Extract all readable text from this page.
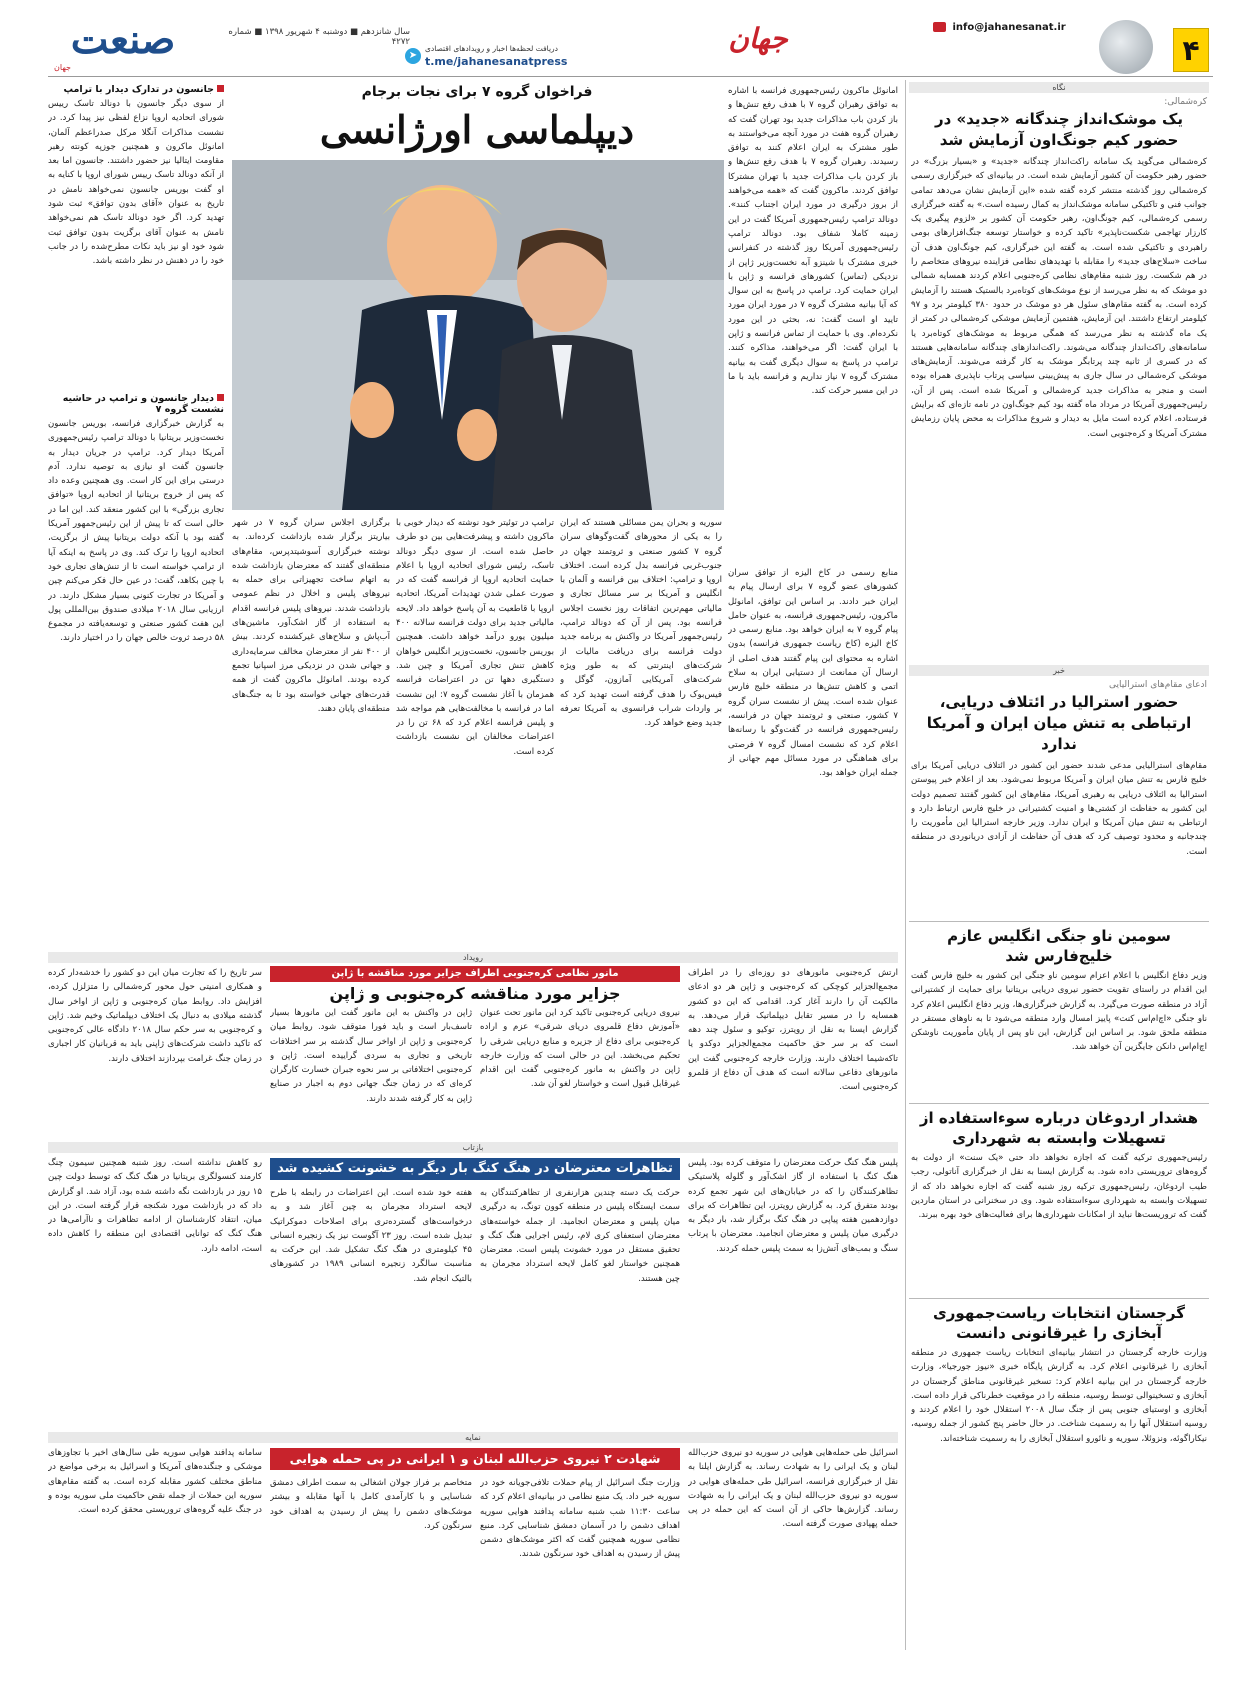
۴
info@jahanesanat.ir
جهان
➤
دریافت لحظه‌ها اخبار و رویدادهای اقتصادی
t.me/jahanesanatpress
سال شانزدهم ■ دوشنبه ۴ شهریور ۱۳۹۸ ■ شماره ۴۲۷۲
صنعت
جهان
نگاه
کره‌شمالی:
یک موشک‌انداز چندگانه «جدید» در حضور کیم جونگ‌اون آزمایش شد
کره‌شمالی می‌گوید یک سامانه راکت‌انداز چندگانه «جدید» و «بسیار بزرگ» در حضور رهبر حکومت آن کشور آزمایش شده است. در بیانیه‌ای که خبرگزاری رسمی کره‌شمالی روز گذشته منتشر کرده گفته شده «این آزمایش نشان می‌دهد تمامی جوانب فنی و تاکتیکی سامانه موشک‌انداز به کمال رسیده است.» به گفته خبرگزاری رسمی کره‌شمالی، کیم جونگ‌اون، رهبر حکومت آن کشور بر «لزوم پیگیری یک کارزار تهاجمی شکست‌ناپذیر» تاکید کرده و خواستار توسعه جنگ‌افزارهای بومی راهبردی و تاکتیکی شده است. به گفته این خبرگزاری، کیم جونگ‌اون هدف آن ساخت «سلاح‌های جدید» را مقابله با تهدیدهای نظامی فزاینده نیروهای متخاصم را در هم شکست. روز شنبه مقام‌های نظامی کره‌جنوبی اعلام کردند همسایه شمالی دو موشک که به نظر می‌رسد از نوع موشک‌های کوتاه‌برد بالستیک هستند را آزمایش کرده است. به گفته مقام‌های سئول هر دو موشک در حدود ۳۸۰ کیلومتر برد و ۹۷ کیلومتر ارتفاع داشتند. این آزمایش، هفتمین آزمایش موشکی کره‌شمالی در کمتر از یک ماه گذشته به نظر می‌رسد که همگی مربوط به موشک‌های کوتاه‌برد یا سامانه‌های راکت‌انداز چندگانه می‌شوند. راکت‌اندازهای چندگانه سامانه‌هایی هستند که در کسری از ثانیه چند پرتابگر موشک به کار گرفته می‌شوند. آزمایش‌های موشکی کره‌شمالی در سال جاری به پیش‌بینی سیاسی پرتاب ناپذیری همراه بوده است و منجر به مذاکرات جدید کره‌شمالی و آمریکا شده است. پس از آن، رئیس‌جمهوری آمریکا در مرداد ماه گفته بود کیم جونگ‌اون در نامه تازه‌ای که برایش فرستاده، اعلام کرده است مایل به دیدار و شروع مذاکرات به محض پایان رزمایش مشترک آمریکا و کره‌جنوبی است.
خبر
ادعای مقام‌های استرالیایی
حضور استرالیا در ائتلاف دریایی، ارتباطی به تنش میان ایران و آمریکا ندارد
مقام‌های استرالیایی مدعی شدند حضور این کشور در ائتلاف دریایی آمریکا برای خلیج فارس به تنش میان ایران و آمریکا مربوط نمی‌شود. بعد از اعلام خبر پیوستن استرالیا به ائتلاف دریایی به رهبری آمریکا، مقام‌های این کشور گفتند تصمیم دولت این کشور به حفاظت از کشتی‌ها و امنیت کشتیرانی در خلیج فارس ارتباط دارد و ارتباطی به تنش میان آمریکا و ایران ندارد. وزیر خارجه استرالیا این مأموریت را چندجانبه و محدود توصیف کرد که هدف آن حفاظت از آزادی دریانوردی در منطقه است.
سومین ناو جنگی انگلیس عازم خلیج‌فارس شد
وزیر دفاع انگلیس با اعلام اعزام سومین ناو جنگی این کشور به خلیج فارس گفت این اقدام در راستای تقویت حضور نیروی دریایی بریتانیا برای حمایت از کشتیرانی آزاد در منطقه صورت می‌گیرد. به گزارش خبرگزاری‌ها، وزیر دفاع انگلیس اعلام کرد ناو جنگی «اچ‌ام‌اس کنت» پاییز امسال وارد منطقه می‌شود تا به ناوهای مستقر در منطقه ملحق شود. بر اساس این گزارش، این ناو پس از پایان مأموریت ناوشکن اچ‌ام‌اس دانکن جایگزین آن خواهد شد.
هشدار اردوغان درباره سوءاستفاده از تسهیلات وابسته به شهرداری
رئیس‌جمهوری ترکیه گفت که اجازه نخواهد داد حتی «یک سنت» از دولت به گروه‌های تروریستی داده شود. به گزارش ایسنا به نقل از خبرگزاری آناتولی، رجب طیب اردوغان، رئیس‌جمهوری ترکیه روز شنبه گفت که اجازه نخواهد داد که از تسهیلات وابسته به شهرداری سوءاستفاده شود. وی در سخنرانی در استان ماردین گفت که تروریست‌ها نباید از امکانات شهرداری‌ها برای فعالیت‌های خود بهره ببرند.
گرجستان انتخابات ریاست‌جمهوری آبخازی را غیرقانونی دانست
وزارت خارجه گرجستان در انتشار بیانیه‌ای انتخابات ریاست جمهوری در منطقه آبخازی را غیرقانونی اعلام کرد. به گزارش پایگاه خبری «نیوز جورجیا»، وزارت خارجه گرجستان در این بیانیه اعلام کرد: تسخیر غیرقانونی مناطق گرجستان در آبخازی و تسخینوالی توسط روسیه، منطقه را در موقعیت خطرناکی قرار داده است. آبخازی و اوستیای جنوبی پس از جنگ سال ۲۰۰۸ استقلال خود را اعلام کردند و روسیه استقلال آنها را به رسمیت شناخت. در حال حاضر پنج کشور از جمله روسیه، نیکاراگوئه، ونزوئلا، سوریه و نائورو استقلال آبخازی را به رسمیت شناخته‌اند.
امانوئل ماکرون رئیس‌جمهوری فرانسه با اشاره به توافق رهبران گروه ۷ با هدف رفع تنش‌ها و باز کردن باب مذاکرات جدید بود تهران گفت که رهبران گروه هفت در مورد آنچه می‌خواستند به طور مشترک به ایران اعلام کنند به توافق رسیدند. رهبران گروه ۷ با هدف رفع تنش‌ها و باز کردن باب مذاکرات جدید با تهران مشترکا توافق کردند. ماکرون گفت که «همه می‌خواهند از بروز درگیری در مورد ایران اجتناب کنند». دونالد ترامپ رئیس‌جمهوری آمریکا گفت در این زمینه کاملا شفاف بود. دونالد ترامپ رئیس‌جمهوری آمریکا روز گذشته در کنفرانس خبری مشترک با شینزو آبه نخست‌وزیر ژاپن از نزدیکی (تماس) کشورهای فرانسه و ژاپن با ایران حمایت کرد. ترامپ در پاسخ به این سوال که آیا بیانیه مشترک گروه ۷ در مورد ایران مورد تایید او است گفت: نه، بحثی در این مورد نکرده‌ام. وی با حمایت از تماس فرانسه و ژاپن با ایران گفت: اگر می‌خواهند، مذاکره کنند. ترامپ در پاسخ به سوال دیگری گفت به بیانیه مشترک گروه ۷ نیاز نداریم و فرانسه باید با ما در این مسیر حرکت کند.
فراخوان گروه ۷ برای نجات برجام
دیپلماسی اورژانسی
منابع رسمی در کاخ الیزه از توافق سران کشورهای عضو گروه ۷ برای ارسال پیام به ایران خبر دادند. بر اساس این توافق، امانوئل ماکرون، رئیس‌جمهوری فرانسه، به عنوان حامل پیام گروه ۷ به ایران خواهد بود. منابع رسمی در کاخ الیزه (کاخ ریاست جمهوری فرانسه) بدون اشاره به محتوای این پیام گفتند هدف اصلی از ارسال آن ممانعت از دستیابی ایران به سلاح اتمی و کاهش تنش‌ها در منطقه خلیج فارس عنوان شده است. پیش از نشست سران گروه ۷ کشور، صنعتی و ثروتمند جهان در فرانسه، رئیس‌جمهوری فرانسه در گفت‌وگو با رسانه‌ها اعلام کرد که نشست امسال گروه ۷ فرصتی برای هماهنگی در مورد مسائل مهم جهانی از جمله ایران خواهد بود.
سوریه و بحران یمن مسائلی هستند که ایران را به یکی از محورهای گفت‌وگوهای سران گروه ۷ کشور صنعتی و ثروتمند جهان در جنوب‌غربی فرانسه بدل کرده است. اختلاف اروپا و ترامپ: اختلاف بین فرانسه و آلمان با انگلیس و آمریکا بر سر مسائل تجاری و مالیاتی مهم‌ترین اتفاقات روز نخست اجلاس فرانسه بود. پس از آن که دونالد ترامپ، رئیس‌جمهور آمریکا در واکنش به برنامه جدید دولت فرانسه برای دریافت مالیات از شرکت‌های اینترنتی که به طور ویژه شرکت‌های آمریکایی آمازون، گوگل و فیس‌بوک را هدف گرفته است تهدید کرد که بر واردات شراب فرانسوی به آمریکا تعرفه جدید وضع خواهد کرد.
ترامپ در توئیتر خود نوشته که دیدار خوبی با ماکرون داشته و پیشرفت‌هایی بین دو طرف حاصل شده است. از سوی دیگر دونالد تاسک، رئیس شورای اتحادیه اروپا با اعلام حمایت اتحادیه اروپا از فرانسه گفت که در صورت عملی شدن تهدیدات آمریکا، اتحادیه اروپا با قاطعیت به آن پاسخ خواهد داد. لایحه مالیاتی جدید برای دولت فرانسه سالانه ۴۰۰ میلیون یورو درآمد خواهد داشت. همچنین بوریس جانسون، نخست‌وزیر انگلیس خواهان کاهش تنش تجاری آمریکا و چین شد. دستگیری دهها تن در اعتراضات فرانسه همزمان با آغاز نشست گروه ۷: این نشست اما در فرانسه با مخالفت‌هایی هم مواجه شد و پلیس فرانسه اعلام کرد که ۶۸ تن را در اعتراضات مخالفان این نشست بازداشت کرده است.
برگزاری اجلاس سران گروه ۷ در شهر بیاریتز برگزار شده بازداشت کرده‌اند. به نوشته خبرگزاری آسوشیتدپرس، مقام‌های منطقه‌ای گفتند که معترضان بازداشت شده به اتهام ساخت تجهیزاتی برای حمله به نیروهای پلیس و اخلال در نظم عمومی بازداشت شدند. نیروهای پلیس فرانسه اقدام به استفاده از گاز اشک‌آور، ماشین‌های آب‌پاش و سلاح‌های غیرکشنده کردند. بیش از ۴۰۰ نفر از معترضان مخالف سرمایه‌داری و جهانی شدن در نزدیکی مرز اسپانیا تجمع کرده بودند. امانوئل ماکرون گفت از همه قدرت‌های جهانی خواسته بود تا به جنگ‌های منطقه‌ای پایان دهند.
جانسون در تدارک دیدار با ترامپ
از سوی دیگر جانسون با دونالد تاسک رییس شورای اتحادیه اروپا نزاع لفظی نیز پیدا کرد. در نشست مذاکرات آنگلا مرکل صدراعظم آلمان، امانوئل ماکرون و همچنین جوزپه کونته رهبر مقاومت ایتالیا نیز حضور داشتند. جانسون اما بعد از آنکه دونالد تاسک رییس شورای اروپا با کنایه به او گفت بوریس جانسون نمی‌خواهد نامش در تاریخ به عنوان «آقای بدون توافق» ثبت شود تهدید کرد. اگر خود دونالد تاسک هم نمی‌خواهد نامش به عنوان آقای برگزیت بدون توافق ثبت شود خود او نیز باید نکات مطرح‌شده را در جانب خود را در ذهنش در نظر داشته باشد.
دیدار جانسون و ترامپ در حاشیه نشست گروه ۷
به گزارش خبرگزاری فرانسه، بوریس جانسون نخست‌وزیر بریتانیا با دونالد ترامپ رئیس‌جمهوری آمریکا دیدار کرد. ترامپ در جریان دیدار به جانسون گفت او نیازی به توصیه ندارد. آدم درستی برای این کار است. وی همچنین وعده داد که پس از خروج بریتانیا از اتحادیه اروپا «توافق تجاری بزرگی» با این کشور منعقد کند. این اما در حالی است که تا پیش از این رئیس‌جمهور آمریکا گفته بود با آنکه دولت بریتانیا پیش از برگزیت، اتحادیه اروپا را ترک کند. وی در پاسخ به اینکه آیا از ترامپ خواسته است تا از تنش‌های تجاری خود با چین بکاهد، گفت: در عین حال فکر می‌کنم چین و آمریکا در تجارت کنونی بسیار مشکل دارند. در ارزیابی سال ۲۰۱۸ میلادی صندوق بین‌المللی پول این هفت کشور صنعتی و توسعه‌یافته در مجموع ۵۸ درصد ثروت خالص جهان را در اختیار دارند.
رویداد
مانور نظامی کره‌جنوبی اطراف جزایر مورد مناقشه با ژاپن
جزایر مورد مناقشه کره‌جنوبی و ژاپن
ارتش کره‌جنوبی مانورهای دو روزه‌ای را در اطراف مجمع‌الجزایر کوچکی که کره‌جنوبی و ژاپن هر دو ادعای مالکیت آن را دارند آغاز کرد. اقدامی که این دو کشور همسایه را در مسیر تقابل دیپلماتیک قرار می‌دهد. به گزارش ایسنا به نقل از رویترز، توکیو و سئول چند دهه است که بر سر حق حاکمیت مجمع‌الجزایر دوکدو یا تاکه‌شیما اختلاف دارند. وزارت خارجه کره‌جنوبی گفت این مانورهای دفاعی سالانه است که هدف آن دفاع از قلمرو کره‌جنوبی است.
نیروی دریایی کره‌جنوبی تاکید کرد این مانور تحت عنوان «آموزش دفاع قلمروی دریای شرقی» عزم و اراده کره‌جنوبی برای دفاع از جزیره و منابع دریایی شرقی را تحکیم می‌بخشد. این در حالی است که وزارت خارجه ژاپن در واکنش به مانور کره‌جنوبی گفت این اقدام غیرقابل قبول است و خواستار لغو آن شد.
ژاپن در واکنش به این مانور گفت این مانورها بسیار تاسف‌بار است و باید فورا متوقف شود. روابط میان کره‌جنوبی و ژاپن از اواخر سال گذشته بر سر اختلافات تاریخی و تجاری به سردی گراییده است. ژاپن و کره‌جنوبی اختلافاتی بر سر نحوه جبران خسارت کارگران کره‌ای که در زمان جنگ جهانی دوم به اجبار در صنایع ژاپن به کار گرفته شدند دارند.
سر تاریخ را که تجارت میان این دو کشور را خدشه‌دار کرده و همکاری امنیتی حول محور کره‌شمالی را متزلزل کرده، افزایش داد. روابط میان کره‌جنوبی و ژاپن از اواخر سال گذشته میلادی به دنبال یک اختلاف دیپلماتیک وخیم شد. ژاپن و کره‌جنوبی به سر حکم سال ۲۰۱۸ دادگاه عالی کره‌جنوبی که تاکید داشت شرکت‌های ژاپنی باید به قربانیان کار اجباری در زمان جنگ غرامت بپردازند اختلاف دارند.
بازتاب
تظاهرات معترضان در هنگ کنگ بار دیگر به خشونت کشیده شد	پلیس هنگ کنگ حرکت معترضان را متوقف کرده بود. پلیس هنگ کنگ با استفاده از گاز اشک‌آور و گلوله پلاستیکی تظاهرکنندگان را که در خیابان‌های این شهر تجمع کرده بودند متفرق کرد. به گزارش رویترز، این تظاهرات که برای دوازدهمین هفته پیاپی در هنگ کنگ برگزار شد، بار دیگر به درگیری میان پلیس و معترضان انجامید. معترضان با پرتاب سنگ و بمب‌های آتش‌زا به سمت پلیس حمله کردند.
حرکت یک دسته چندین هزارنفری از تظاهرکنندگان به سمت ایستگاه پلیس در منطقه کوون تونگ، به درگیری میان پلیس و معترضان انجامید. از جمله خواسته‌های معترضان استعفای کری لام، رئیس اجرایی هنگ کنگ و تحقیق مستقل در مورد خشونت پلیس است. معترضان همچنین خواستار لغو کامل لایحه استرداد مجرمان به چین هستند.
هفته خود شده است. این اعتراضات در رابطه با طرح لایحه استرداد مجرمان به چین آغاز شد و به درخواست‌های گسترده‌تری برای اصلاحات دموکراتیک تبدیل شده است. روز ۲۳ آگوست نیز یک زنجیره انسانی ۴۵ کیلومتری در هنگ کنگ تشکیل شد. این حرکت به مناسبت سالگرد زنجیره انسانی ۱۹۸۹ در کشورهای بالتیک انجام شد.
رو کاهش نداشته است. روز شنبه همچنین سیمون چنگ کارمند کنسولگری بریتانیا در هنگ کنگ که توسط دولت چین ۱۵ روز در بازداشت نگه داشته شده بود، آزاد شد. او گزارش داد که در بازداشت مورد شکنجه قرار گرفته است. در این میان، انتقاد کارشناسان از ادامه تظاهرات و ناآرامی‌ها در هنگ کنگ که توانایی اقتصادی این منطقه را کاهش داده است، ادامه دارد.
نمایه
شهادت ۲ نیروی حزب‌الله لبنان و ۱ ایرانی در پی حمله هوایی اسرائیل
اسرائیل طی حمله‌هایی هوایی در سوریه دو نیروی حزب‌الله لبنان و یک ایرانی را به شهادت رساند. به گزارش ایلنا به نقل از خبرگزاری فرانسه، اسرائیل طی حمله‌های هوایی در سوریه دو نیروی حزب‌الله لبنان و یک ایرانی را به شهادت رساند. گزارش‌ها حاکی از آن است که این حمله در پی حمله پهپادی صورت گرفته است.
وزارت جنگ اسرائیل از پیام حملات تلافی‌جویانه خود در سوریه خبر داد. یک منبع نظامی در بیانیه‌ای اعلام کرد که ساعت ۱۱:۳۰ شب شنبه سامانه پدافند هوایی سوریه اهداف دشمن را در آسمان دمشق شناسایی کرد. منبع نظامی سوریه همچنین گفت که اکثر موشک‌های دشمن پیش از رسیدن به اهداف خود سرنگون شدند.
متخاصم بر فراز جولان اشغالی به سمت اطراف دمشق شناسایی و با کارآمدی کامل با آنها مقابله و بیشتر موشک‌های دشمن را پیش از رسیدن به اهداف خود سرنگون کرد.
سامانه پدافند هوایی سوریه طی سال‌های اخیر با تجاوزهای موشکی و جنگنده‌های آمریکا و اسرائیل به برخی مواضع در مناطق مختلف کشور مقابله کرده است. به گفته مقام‌های سوریه این حملات از جمله نقض حاکمیت ملی سوریه بوده و در جنگ علیه گروه‌های تروریستی محقق کرده است.
